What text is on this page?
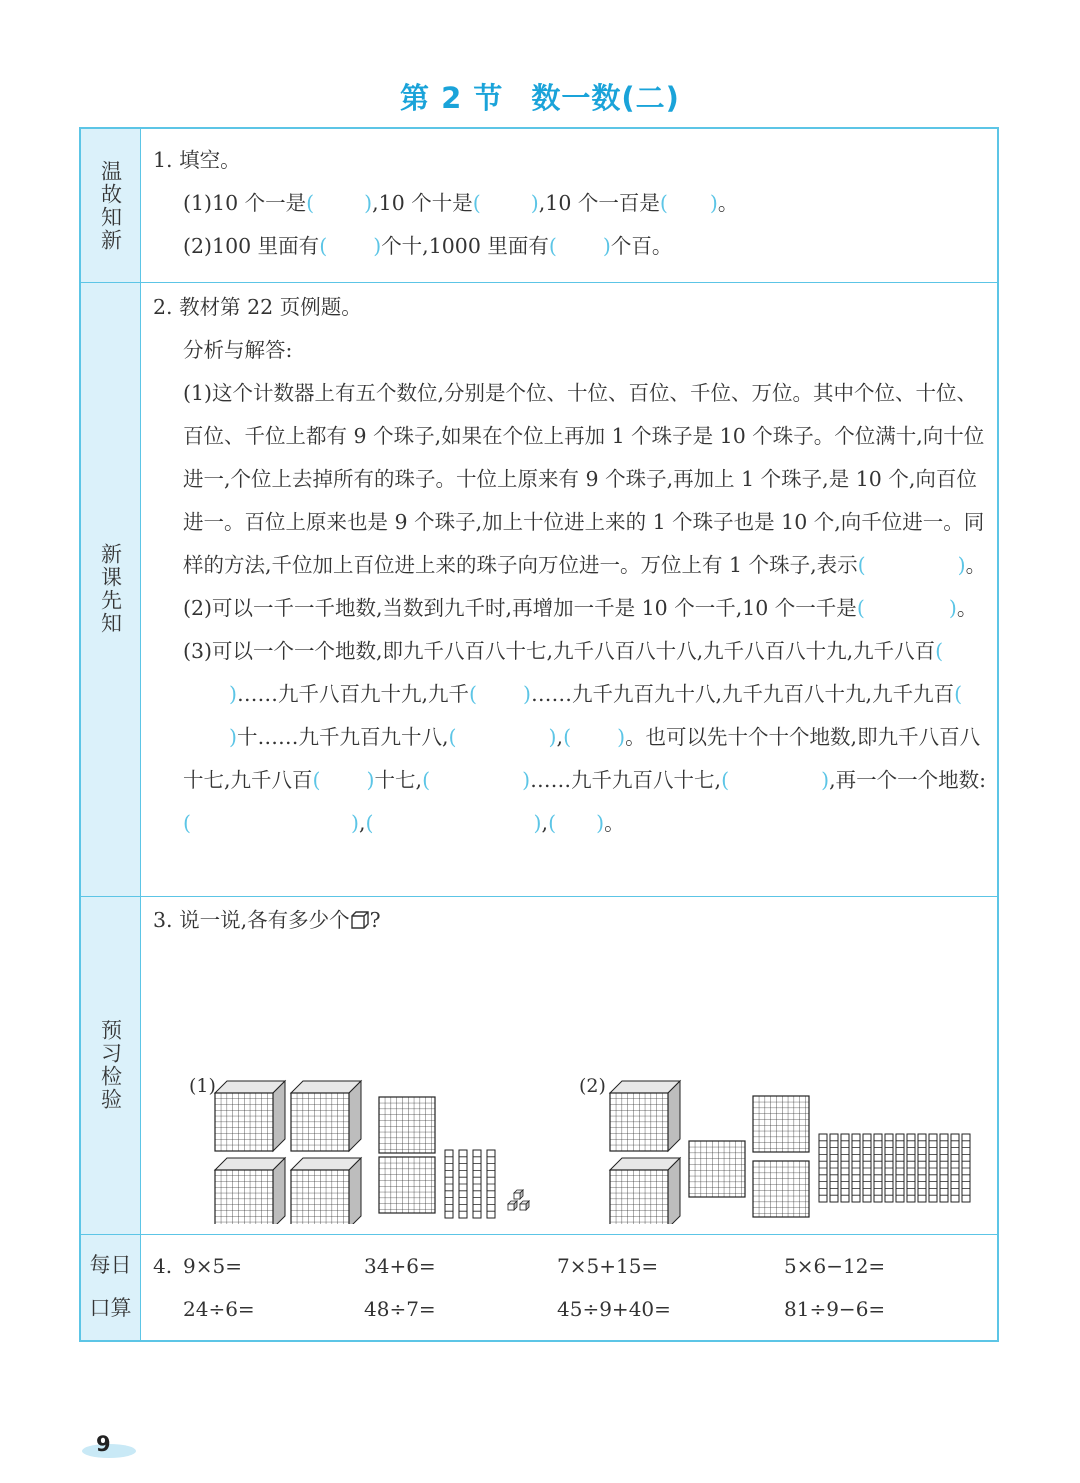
第 2 节 数一数(二)
温故知新
新课先知
预习检验
每日
口算
1. 填空。
(1)10 个一是( ),10 个十是( ),10 个一百是( )。
(2)100 里面有( )个十,1000 里面有( )个百。
2. 教材第 22 页例题。
分析与解答:
(1)这个计数器上有五个数位,分别是个位、十位、百位、千位、万位。其中个位、十位、百位、千位上都有 9 个珠子,如果在个位上再加 1 个珠子是 10 个珠子。个位满十,向十位进一,个位上去掉所有的珠子。十位上原来有 9 个珠子,再加上 1 个珠子,是 10 个,向百位进一。百位上原来也是 9 个珠子,加上十位进上来的 1 个珠子也是 10 个,向千位进一。同样的方法,千位加上百位进上来的珠子向万位进一。万位上有 1 个珠子,表示(	)。
(2)可以一千一千地数,当数到九千时,再增加一千是 10 个一千,10 个一千是(	)。
(3)可以一个一个地数,即九千八百八十七,九千八百八十八,九千八百八十九,九千八百()……九千八百九十九,九千( )……九千九百九十八,九千九百八十九,九千九百()十……九千九百九十八,(	),( )。也可以先十个十个地数,即九千八百八十七,九千八百( )十七,(	)……九千九百八十七,(	),再一个一个地数:(	),(	),( )。
3. 说一说,各有多少个 ?
(1)	(2)
4. 9×5=	34+6=	7×5+15=	5×6−12=
24÷6=	48÷7=	45÷9+40=	81÷9−6=
9
